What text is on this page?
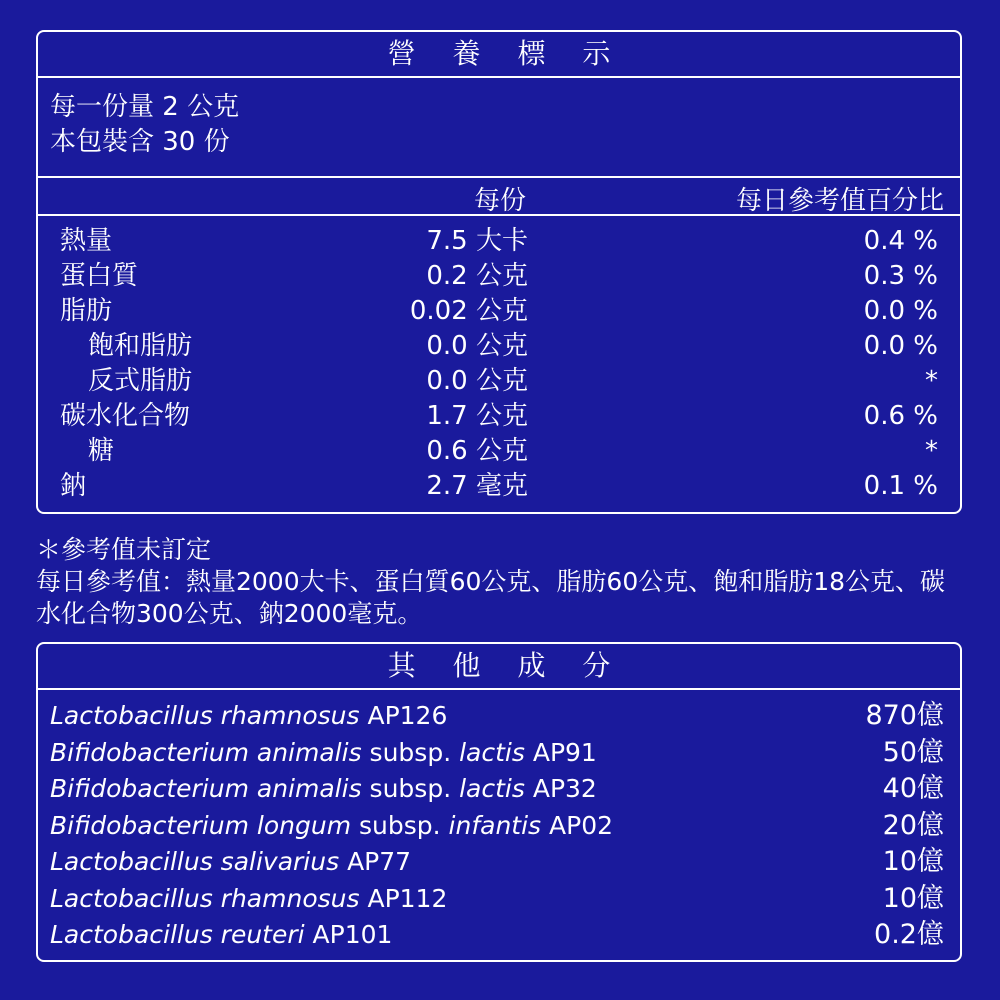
營 養 標 示
每一份量 2 公克
本包裝含 30 份
每份	每日參考值百分比
熱量	7.5 大卡	0.4 %
蛋白質	0.2 公克	0.3 %
脂肪	0.02 公克	0.0 %
飽和脂肪	0.0 公克	0.0 %
反式脂肪	0.0 公克	*
碳水化合物	1.7 公克	0.6 %
糖	0.6 公克	*
鈉	2.7 毫克	0.1 %
＊參考值未訂定
每日參考值：熱量2000大卡、蛋白質60公克、脂肪60公克、飽和脂肪18公克、碳水化合物300公克、鈉2000毫克。
其 他 成 分
Lactobacillus rhamnosus AP126	870億
Bifidobacterium animalis subsp. lactis AP91	50億
Bifidobacterium animalis subsp. lactis AP32	40億
Bifidobacterium longum subsp. infantis AP02	20億
Lactobacillus salivarius AP77	10億
Lactobacillus rhamnosus AP112	10億
Lactobacillus reuteri AP101	0.2億
